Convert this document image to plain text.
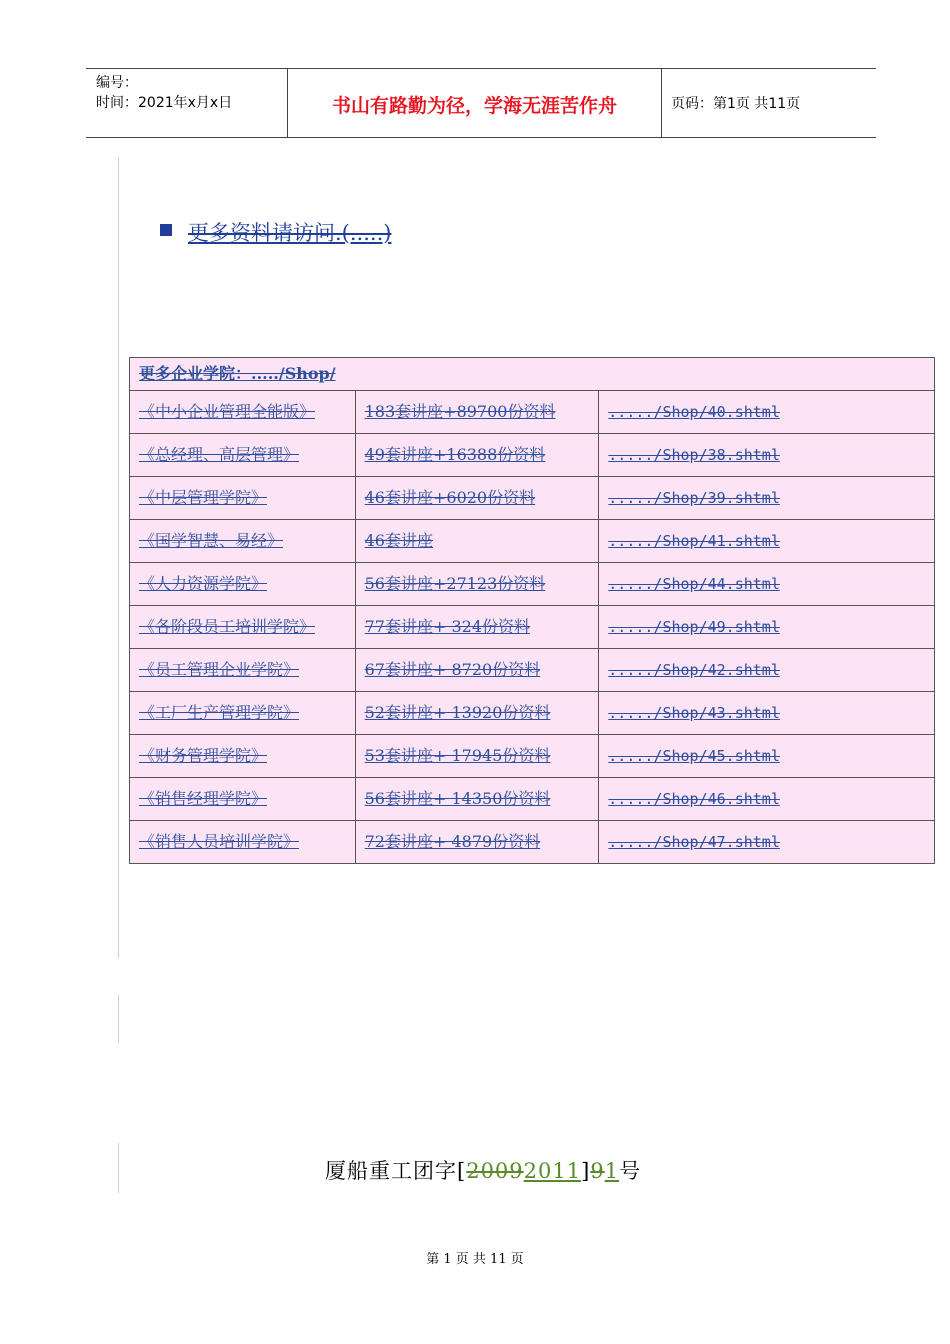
编号：
时间：2021年x月x日	书山有路勤为径，学海无涯苦作舟	页码：第1页 共11页
更多资料请访问.(.....)
更多企业学院：...../Shop/		
《中小企业管理全能版》	183套讲座+89700份资料	...../Shop/40.shtml
《总经理、高层管理》	49套讲座+16388份资料	...../Shop/38.shtml
《中层管理学院》	46套讲座+6020份资料	...../Shop/39.shtml
《国学智慧、易经》	46套讲座	...../Shop/41.shtml
《人力资源学院》	56套讲座+27123份资料	...../Shop/44.shtml
《各阶段员工培训学院》	77套讲座+ 324份资料	...../Shop/49.shtml
《员工管理企业学院》	67套讲座+ 8720份资料	...../Shop/42.shtml
《工厂生产管理学院》	52套讲座+ 13920份资料	...../Shop/43.shtml
《财务管理学院》	53套讲座+ 17945份资料	...../Shop/45.shtml
《销售经理学院》	56套讲座+ 14350份资料	...../Shop/46.shtml
《销售人员培训学院》	72套讲座+ 4879份资料	...../Shop/47.shtml
厦船重工团字[20092011]91号
第 1 页 共 11 页
